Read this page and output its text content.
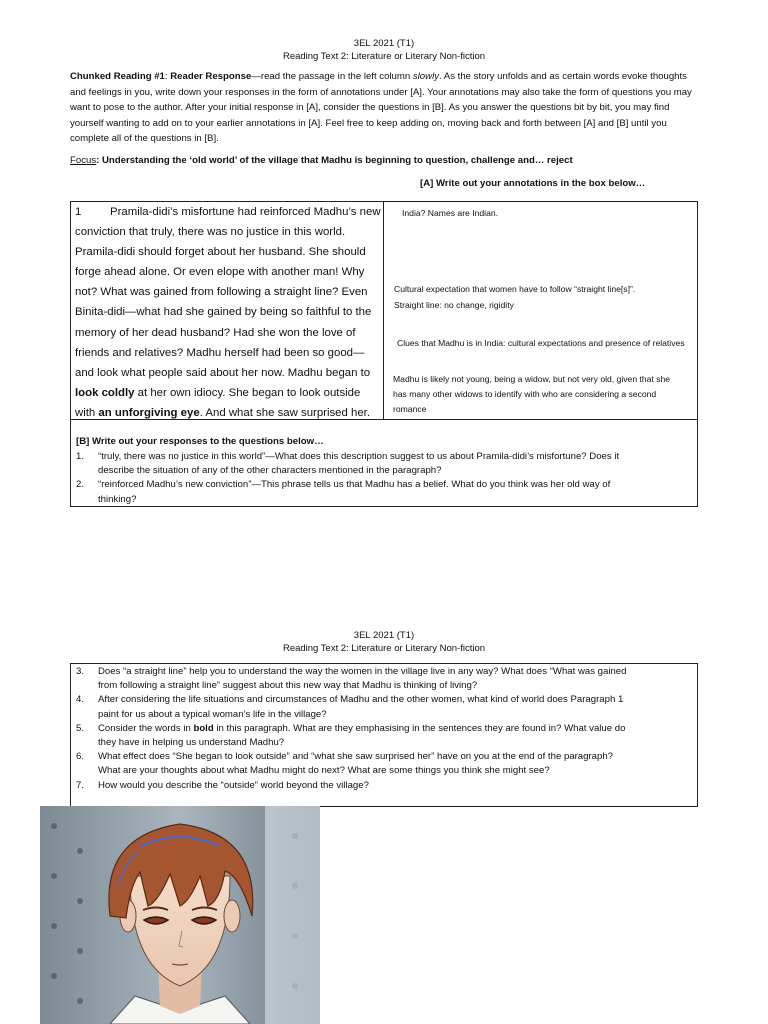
3EL 2021 (T1)
Reading Text 2: Literature or Literary Non-fiction
Chunked Reading #1: Reader Response—read the passage in the left column slowly. As the story unfolds and as certain words evoke thoughts and feelings in you, write down your responses in the form of annotations under [A]. Your annotations may also take the form of questions you may want to pose to the author. After your initial response in [A], consider the questions in [B]. As you answer the questions bit by bit, you may find yourself wanting to add on to your earlier annotations in [A]. Feel free to keep adding on, moving back and forth between [A] and [B] until you complete all of the questions in [B].
Focus: Understanding the ‘old world’ of the village that Madhu is beginning to question, challenge and… reject
[A] Write out your annotations in the box below…
1	Pramila-didi’s misfortune had reinforced Madhu’s new conviction that truly, there was no justice in this world. Pramila-didi should forget about her husband. She should forge ahead alone. Or even elope with another man! Why not? What was gained from following a straight line? Even Binita-didi—what had she gained by being so faithful to the memory of her dead husband? Had she won the love of friends and relatives? Madhu herself had been so good—and look what people said about her now. Madhu began to look coldly at her own idiocy. She began to look outside with an unforgiving eye. And what she saw surprised her.
India? Names are Indian.
Cultural expectation that women have to follow “straight line[s]”.
Straight line: no change, rigidity
Clues that Madhu is in India: cultural expectations and presence of relatives
Madhu is likely not young, being a widow, but not very old, given that she
has many other widows to identify with who are considering a second
romance
[B] Write out your responses to the questions below…
1. “truly, there was no justice in this world”—What does this description suggest to us about Pramila-didi’s misfortune? Does it
describe the situation of any of the other characters mentioned in the paragraph?
2. “reinforced Madhu’s new conviction”—This phrase tells us that Madhu has a belief. What do you think was her old way of
thinking?
3EL 2021 (T1)
Reading Text 2: Literature or Literary Non-fiction
3. Does “a straight line” help you to understand the way the women in the village live in any way? What does “What was gained
from following a straight line” suggest about this new way that Madhu is thinking of living?
4. After considering the life situations and circumstances of Madhu and the other women, what kind of world does Paragraph 1
paint for us about a typical woman’s life in the village?
5. Consider the words in bold in this paragraph. What are they emphasising in the sentences they are found in? What value do
they have in helping us understand Madhu?
6. What effect does “She began to look outside” and “what she saw surprised her” have on you at the end of the paragraph?
What are your thoughts about what Madhu might do next? What are some things you think she might see?
7. How would you describe the “outside” world beyond the village?
